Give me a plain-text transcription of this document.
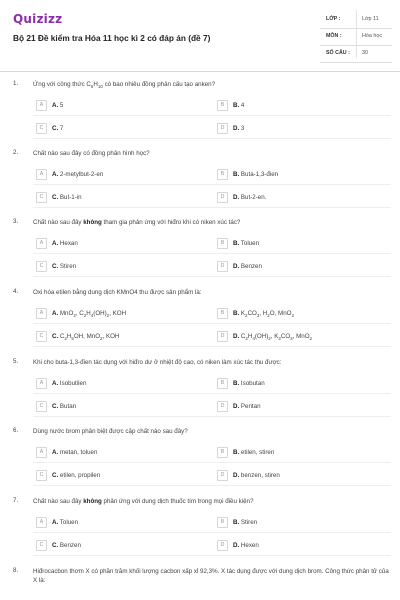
Quizizz
Bộ 21 Đề kiểm tra Hóa 11 học kì 2 có đáp án (đề 7)
LỚP :	Lớp 11
MÔN :	Hóa học
SỐ CÂU : 30
1. Ứng với công thức $C_5H_{10}$ có bao nhiêu đồng phân cấu tạo anken?
A	A. 5	B	B. 4
C	C. 7	D	D. 3
2. Chất nào sau đây có đồng phân hình học?
A	A. 2-metylbut-2-en	B	B. Buta-1,3-đien
C	C. But-1-in	D	D. But-2-en.
3. Chất nào sau đây không tham gia phản ứng với hiđro khi có niken xúc tác?
A	A. Hexan	B	B. Toluen
C	C. Stiren	D	D. Benzen
4. Oxi hóa etilen bằng dung dịch KMnO4 thu được sản phẩm là:
A	A. MnO$_2$, $C_2H_4(OH)_2$, KOH	B	B. $K_2CO_3$, $H_2O$, MnO$_2$
C	C. $C_2H_5OH$, MnO$_2$, KOH	D	D. $C_2H_4(OH)_2$, $K_2CO_3$, MnO$_2$
5. Khi cho buta-1,3-đien tác dụng với hiđro dư ở nhiệt độ cao, có niken làm xúc tác thu được:
A	A. Isobutilen	B	B. Isobutan
C	C. Butan	D	D. Pentan
6. Dùng nước brom phân biệt được cặp chất nào sau đây?
A	A. metan, toluen	B	B. etilen, stiren
C	C. etilen, propilen	D	D. benzen, stiren
7. Chất nào sau đây không phản ứng với dung dịch thuốc tím trong mọi điều kiện?
A	A. Toluen	B	B. Stiren
C	C. Benzen	D	D. Hexen
8. Hiđrocacbon thơm X có phần trăm khối lượng cacbon xấp xỉ 92,3%. X tác dụng được với dung dịch brom. Công thức phân tử của X là:
